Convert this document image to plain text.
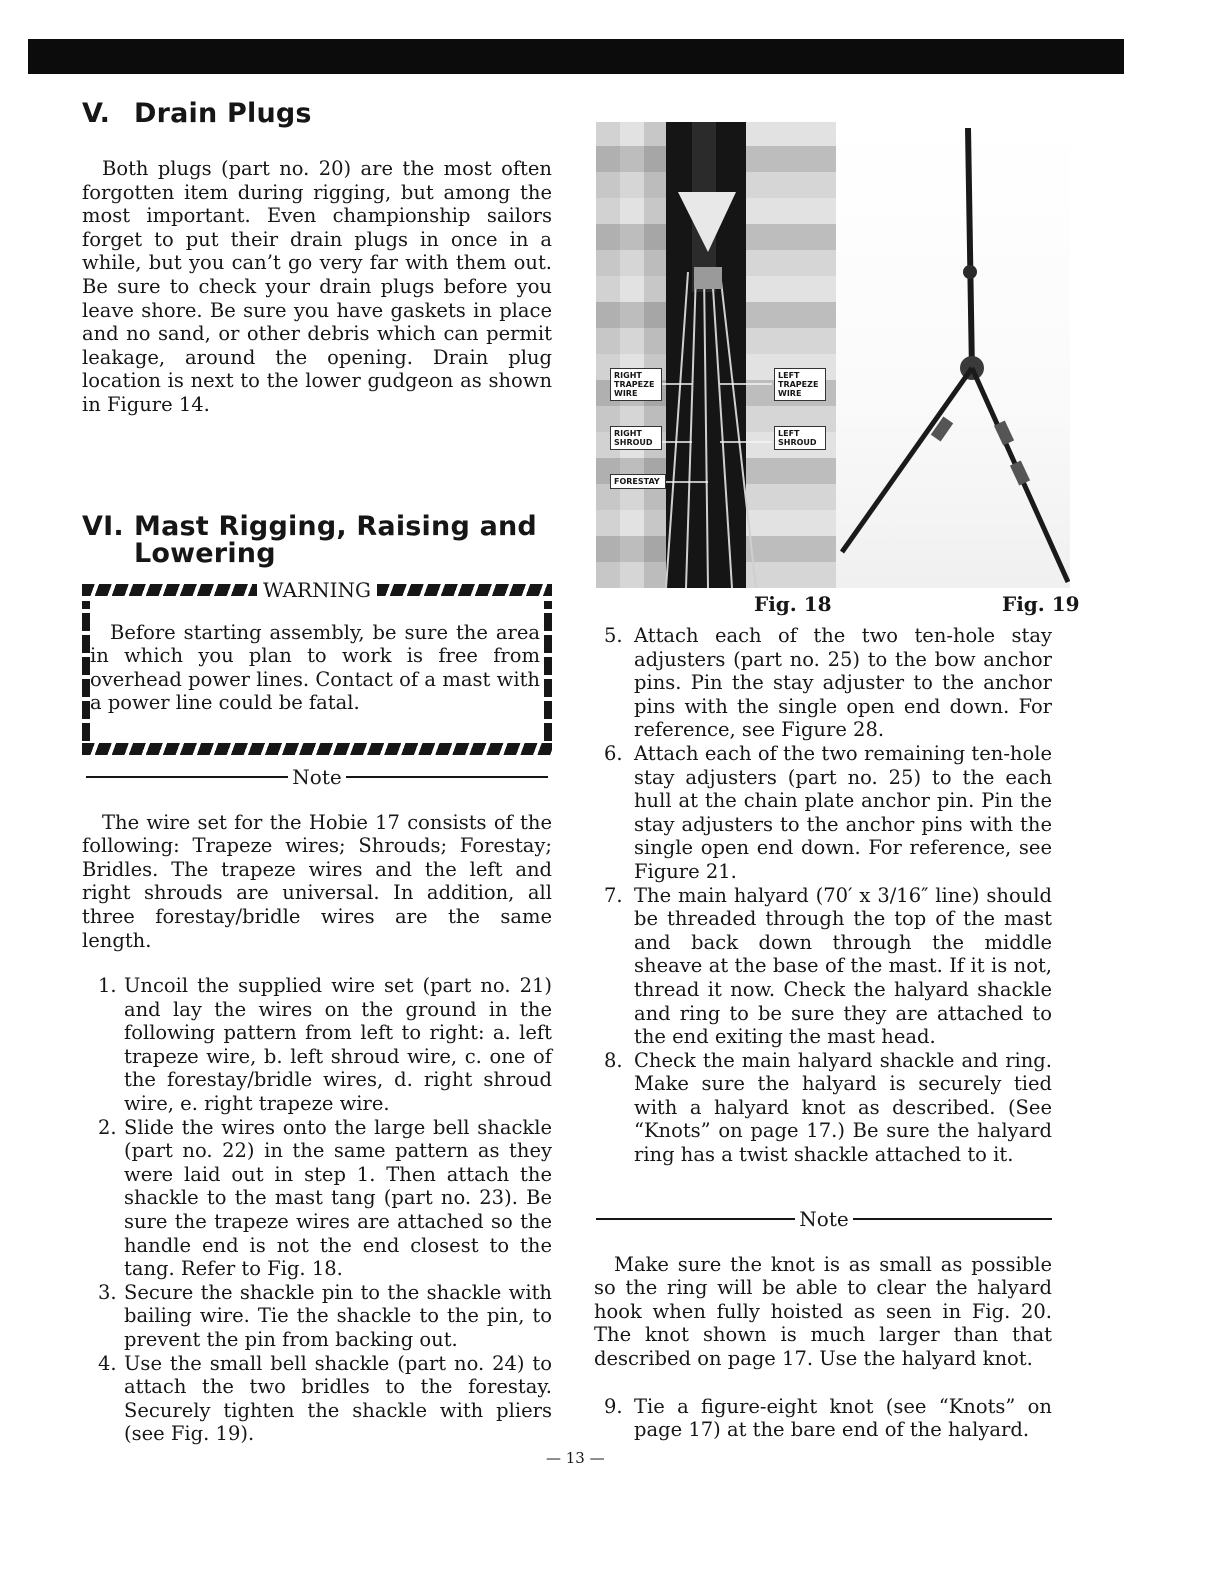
V. Drain Plugs

Both plugs (part no. 20) are the most often forgotten item during rigging, but among the most important. Even championship sailors forget to put their drain plugs in once in a while, but you can’t go very far with them out. Be sure to check your drain plugs before you leave shore. Be sure you have gaskets in place and no sand, or other debris which can permit leakage, around the opening. Drain plug location is next to the lower gudgeon as shown in Figure 14.

VI. Mast Rigging, Raising and
Lowering
WARNING

Before starting assembly, be sure the area in which you plan to work is free from overhead power lines. Contact of a mast with a power line could be fatal.

Note

The wire set for the Hobie 17 consists of the following: Trapeze wires; Shrouds; Forestay; Bridles. The trapeze wires and the left and right shrouds are universal. In addition, all three forestay/bridle wires are the same length.

1. Uncoil the supplied wire set (part no. 21) and lay the wires on the ground in the following pattern from left to right: a. left trapeze wire, b. left shroud wire, c. one of the forestay/bridle wires, d. right shroud wire, e. right trapeze wire.
2. Slide the wires onto the large bell shackle (part no. 22) in the same pattern as they were laid out in step 1. Then attach the shackle to the mast tang (part no. 23). Be sure the trapeze wires are attached so the handle end is not the end closest to the tang. Refer to Fig. 18.
3. Secure the shackle pin to the shackle with bailing wire. Tie the shackle to the pin, to prevent the pin from backing out.
4. Use the small bell shackle (part no. 24) to attach the two bridles to the forestay. Securely tighten the shackle with pliers (see Fig. 19).
RIGHT TRAPEZE WIRE
LEFT TRAPEZE WIRE
RIGHT SHROUD
LEFT SHROUD
FORESTAY
Fig. 18	Fig. 19
5. Attach each of the two ten-hole stay adjusters (part no. 25) to the bow anchor pins. Pin the stay adjuster to the anchor pins with the single open end down. For reference, see Figure 28.
6. Attach each of the two remaining ten-hole stay adjusters (part no. 25) to the each hull at the chain plate anchor pin. Pin the stay adjusters to the anchor pins with the single open end down. For reference, see Figure 21.
7. The main halyard (70′ x 3/16″ line) should be threaded through the top of the mast and back down through the middle sheave at the base of the mast. If it is not, thread it now. Check the halyard shackle and ring to be sure they are attached to the end exiting the mast head.
8. Check the main halyard shackle and ring. Make sure the halyard is securely tied with a halyard knot as described. (See “Knots” on page 17.) Be sure the halyard ring has a twist shackle attached to it.
Note

Make sure the knot is as small as possible so the ring will be able to clear the halyard hook when fully hoisted as seen in Fig. 20. The knot shown is much larger than that described on page 17. Use the halyard knot.

9. Tie a figure-eight knot (see “Knots” on page 17) at the bare end of the halyard.
— 13 —
